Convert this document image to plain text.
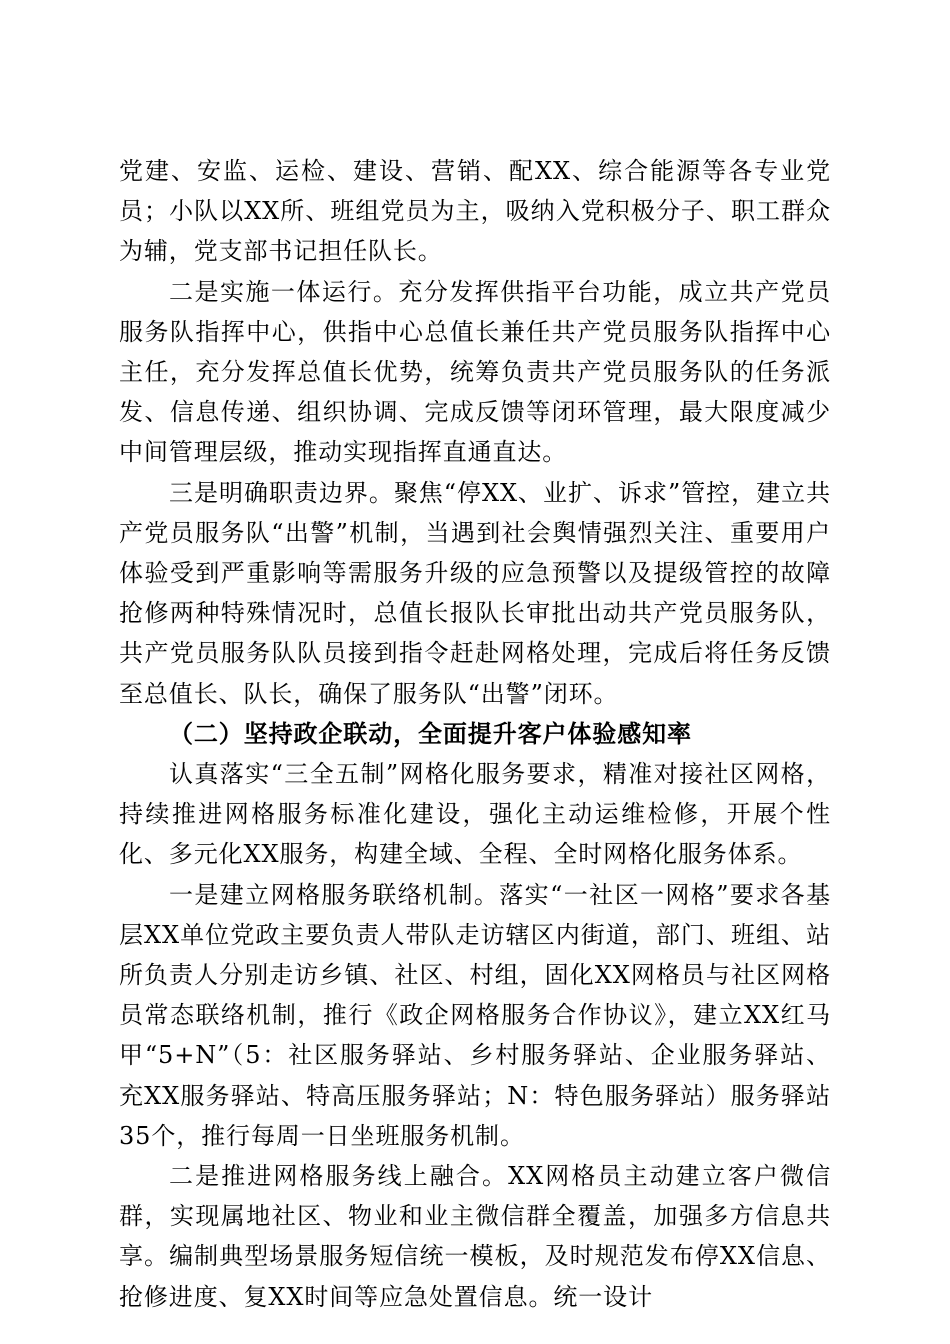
党建、安监、运检、建设、营销、配XX、综合能源等各专业党员；小队以XX所、班组党员为主，吸纳入党积极分子、职工群众为辅，党支部书记担任队长。

二是实施一体运行。充分发挥供指平台功能，成立共产党员服务队指挥中心，供指中心总值长兼任共产党员服务队指挥中心主任，充分发挥总值长优势，统筹负责共产党员服务队的任务派发、信息传递、组织协调、完成反馈等闭环管理，最大限度减少中间管理层级，推动实现指挥直通直达。

三是明确职责边界。聚焦“停XX、业扩、诉求”管控，建立共产党员服务队“出警”机制，当遇到社会舆情强烈关注、重要用户体验受到严重影响等需服务升级的应急预警以及提级管控的故障抢修两种特殊情况时，总值长报队长审批出动共产党员服务队，共产党员服务队队员接到指令赶赴网格处理，完成后将任务反馈至总值长、队长，确保了服务队“出警”闭环。

（二）坚持政企联动，全面提升客户体验感知率

认真落实“三全五制”网格化服务要求，精准对接社区网格，持续推进网格服务标准化建设，强化主动运维检修，开展个性化、多元化XX服务，构建全域、全程、全时网格化服务体系。

一是建立网格服务联络机制。落实“一社区一网格”要求各基层XX单位党政主要负责人带队走访辖区内街道，部门、班组、站所负责人分别走访乡镇、社区、村组，固化XX网格员与社区网格员常态联络机制，推行《政企网格服务合作协议》，建立XX红马甲“5+N”（5：社区服务驿站、乡村服务驿站、企业服务驿站、充XX服务驿站、特高压服务驿站；N：特色服务驿站）服务驿站35个，推行每周一日坐班服务机制。

二是推进网格服务线上融合。XX网格员主动建立客户微信群，实现属地社区、物业和业主微信群全覆盖，加强多方信息共享。编制典型场景服务短信统一模板，及时规范发布停XX信息、抢修进度、复XX时间等应急处置信息。统一设计
